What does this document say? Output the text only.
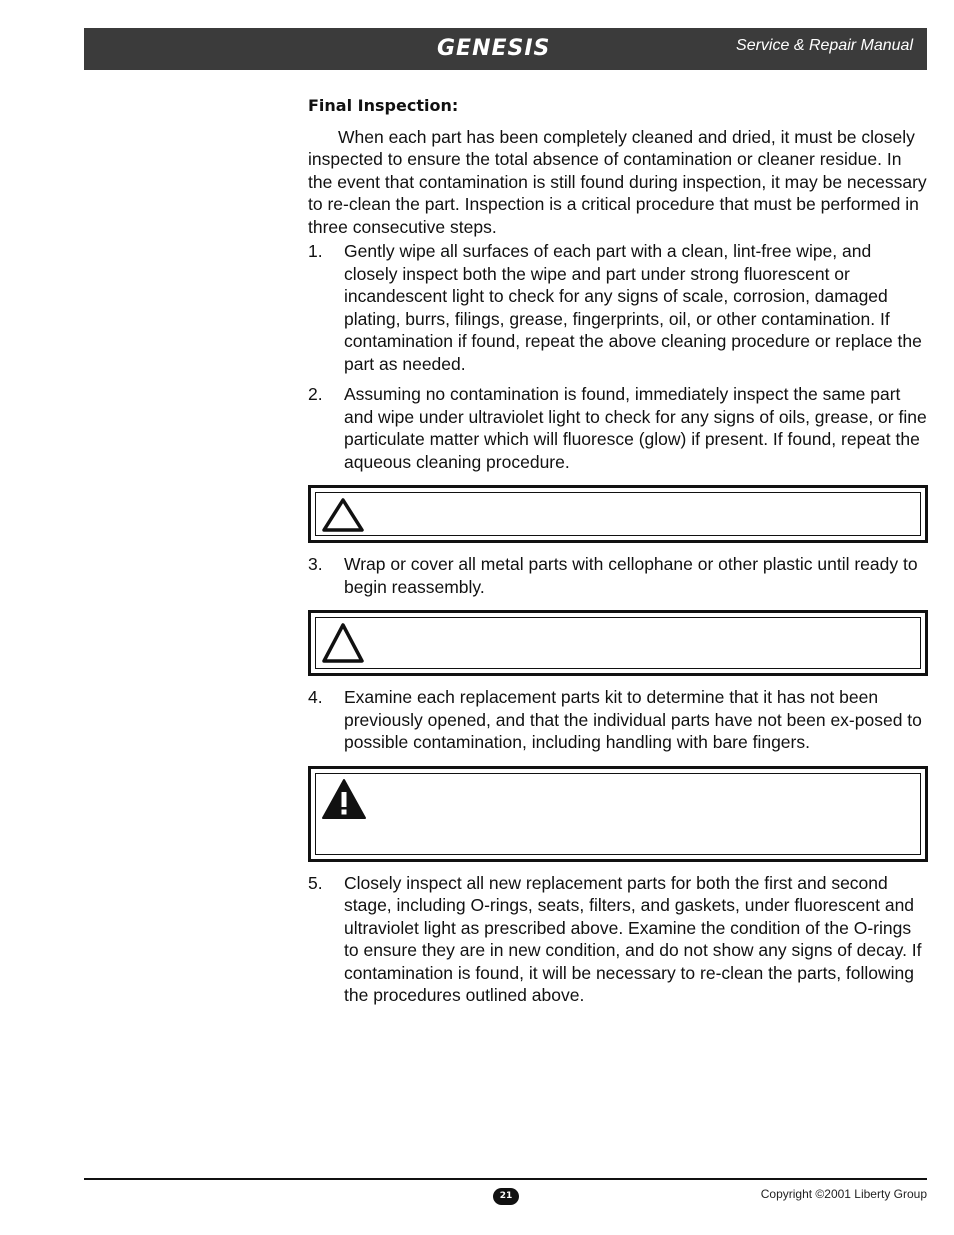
GENESIS	Service & Repair Manual
Final Inspection:

When each part has been completely cleaned and dried, it must be closely inspected to ensure the total absence of contamination or cleaner residue. In the event that contamination is still found during inspection, it may be necessary to re-clean the part. Inspection is a critical procedure that must be performed in three consecutive steps.

1. Gently wipe all surfaces of each part with a clean, lint-free wipe, and closely inspect both the wipe and part under strong fluorescent or incandescent light to check for any signs of scale, corrosion, damaged plating, burrs, filings, grease, fingerprints, oil, or other contamination. If contamination if found, repeat the above cleaning procedure or replace the part as needed.
2. Assuming no contamination is found, immediately inspect the same part and wipe under ultraviolet light to check for any signs of oils, grease, or fine particulate matter which will fluoresce (glow) if present. If found, repeat the aqueous cleaning procedure.
3. Wrap or cover all metal parts with cellophane or other plastic until ready to begin reassembly.
4. Examine each replacement parts kit to determine that it has not been previously opened, and that the individual parts have not been ex-posed to possible contamination, including handling with bare fingers.
5. Closely inspect all new replacement parts for both the first and second stage, including O-rings, seats, filters, and gaskets, under fluorescent and ultraviolet light as prescribed above. Examine the condition of the O-rings to ensure they are in new condition, and do not show any signs of decay. If contamination is found, it will be necessary to re-clean the parts, following the procedures outlined above.
21	Copyright ©2001 Liberty Group
